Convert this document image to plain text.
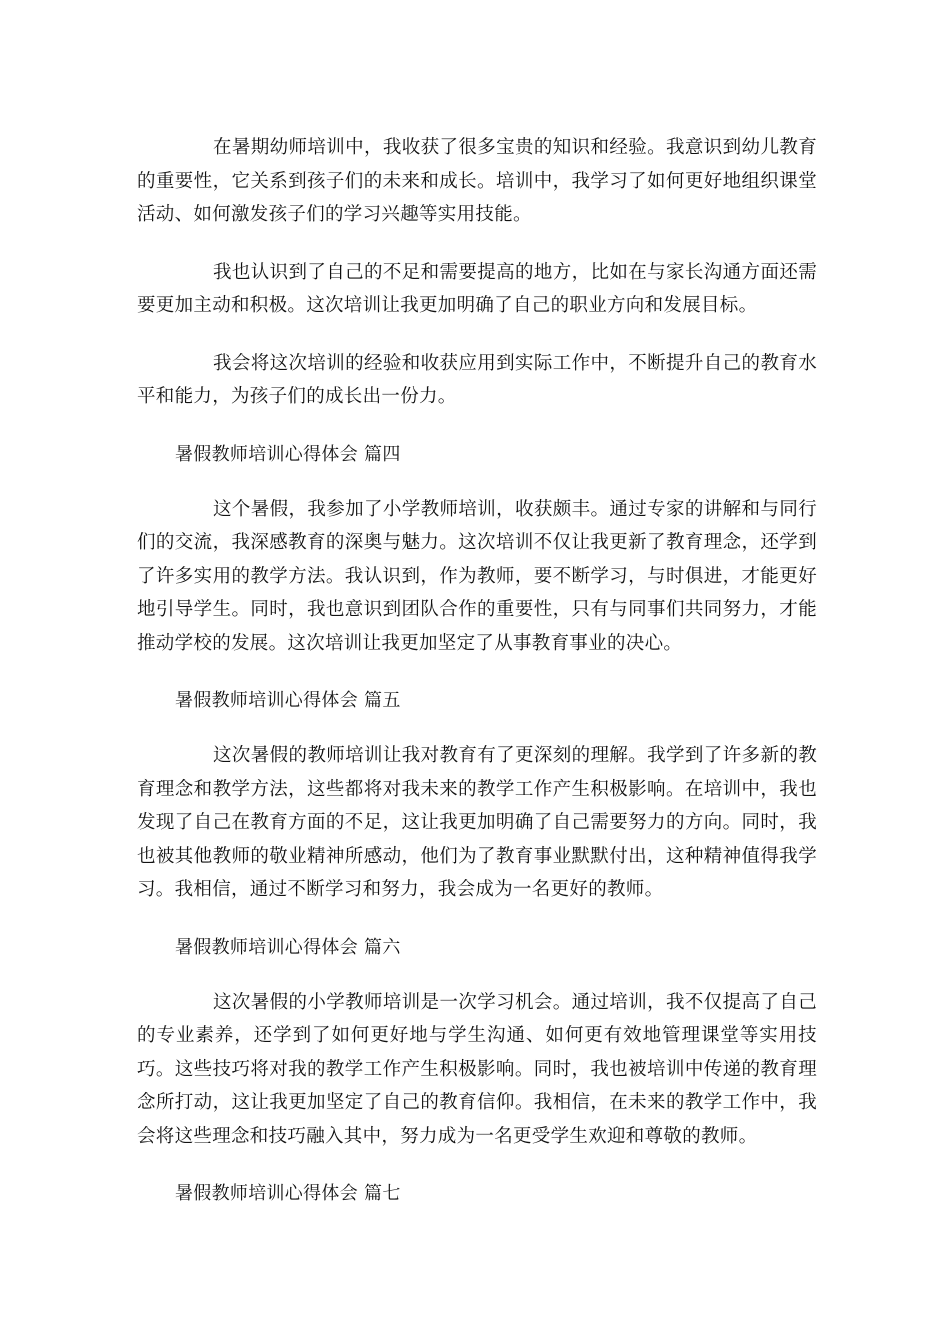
在暑期幼师培训中，我收获了很多宝贵的知识和经验。我意识到幼儿教育的重要性，它关系到孩子们的未来和成长。培训中，我学习了如何更好地组织课堂活动、如何激发孩子们的学习兴趣等实用技能。

我也认识到了自己的不足和需要提高的地方，比如在与家长沟通方面还需要更加主动和积极。这次培训让我更加明确了自己的职业方向和发展目标。

我会将这次培训的经验和收获应用到实际工作中，不断提升自己的教育水平和能力，为孩子们的成长出一份力。

暑假教师培训心得体会 篇四

这个暑假，我参加了小学教师培训，收获颇丰。通过专家的讲解和与同行们的交流，我深感教育的深奥与魅力。这次培训不仅让我更新了教育理念，还学到了许多实用的教学方法。我认识到，作为教师，要不断学习，与时俱进，才能更好地引导学生。同时，我也意识到团队合作的重要性，只有与同事们共同努力，才能推动学校的发展。这次培训让我更加坚定了从事教育事业的决心。

暑假教师培训心得体会 篇五

这次暑假的教师培训让我对教育有了更深刻的理解。我学到了许多新的教育理念和教学方法，这些都将对我未来的教学工作产生积极影响。在培训中，我也发现了自己在教育方面的不足，这让我更加明确了自己需要努力的方向。同时，我也被其他教师的敬业精神所感动，他们为了教育事业默默付出，这种精神值得我学习。我相信，通过不断学习和努力，我会成为一名更好的教师。

暑假教师培训心得体会 篇六

这次暑假的小学教师培训是一次学习机会。通过培训，我不仅提高了自己的专业素养，还学到了如何更好地与学生沟通、如何更有效地管理课堂等实用技巧。这些技巧将对我的教学工作产生积极影响。同时，我也被培训中传递的教育理念所打动，这让我更加坚定了自己的教育信仰。我相信，在未来的教学工作中，我会将这些理念和技巧融入其中，努力成为一名更受学生欢迎和尊敬的教师。

暑假教师培训心得体会 篇七
